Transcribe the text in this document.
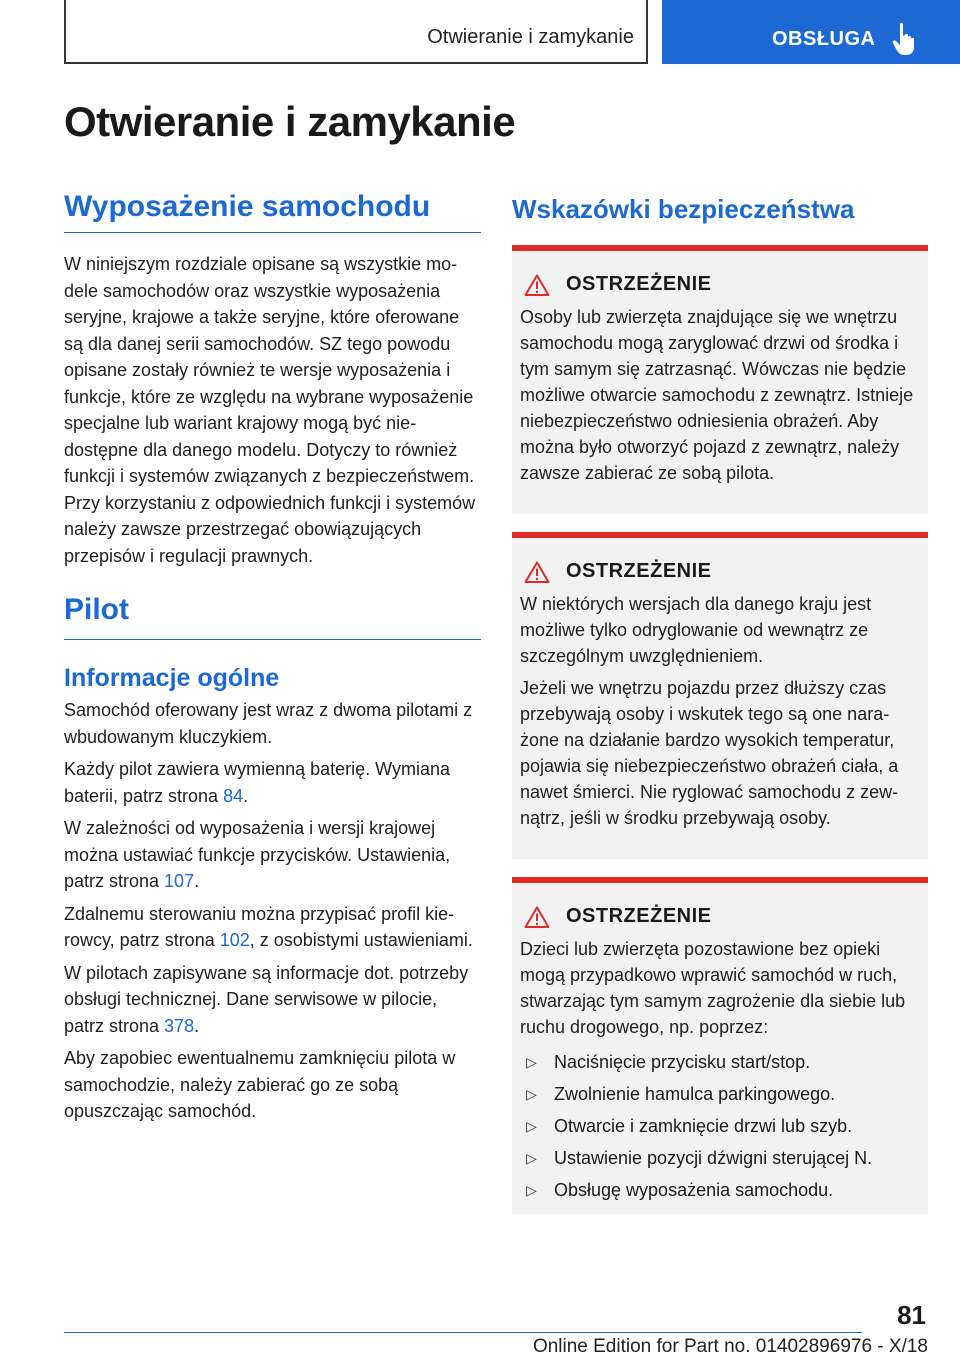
Otwieranie i zamykanie	OBSŁUGA
Otwieranie i zamykanie
Wyposażenie samochodu

W niniejszym rozdziale opisane są wszystkie modele samochodów oraz wszystkie wyposażenia seryjne, krajowe a także seryjne, które oferowane są dla danej serii samochodów. SZ tego powodu opisane zostały również te wersje wyposażenia i funkcje, które ze względu na wybrane wyposażenie specjalne lub wariant krajowy mogą być niedostępne dla danego modelu. Dotyczy to również funkcji i systemów związanych z bezpieczeństwem. Przy korzystaniu z odpowiednich funkcji i systemów należy zawsze przestrzegać obowiązujących przepisów i regulacji prawnych.

Pilot
Informacje ogólne

Samochód oferowany jest wraz z dwoma pilotami z wbudowanym kluczykiem.

Każdy pilot zawiera wymienną baterię. Wymiana baterii, patrz strona 84.

W zależności od wyposażenia i wersji krajowej można ustawiać funkcje przycisków. Ustawienia, patrz strona 107.

Zdalnemu sterowaniu można przypisać profil kierowcy, patrz strona 102, z osobistymi ustawieniami.

W pilotach zapisywane są informacje dot. potrzeby obsługi technicznej. Dane serwisowe w pilocie, patrz strona 378.

Aby zapobiec ewentualnemu zamknięciu pilota w samochodzie, należy zabierać go ze sobą opuszczając samochód.

Wskazówki bezpieczeństwa
OSTRZEŻENIE

Osoby lub zwierzęta znajdujące się we wnętrzu samochodu mogą zaryglować drzwi od środka i tym samym się zatrzasnąć. Wówczas nie będzie możliwe otwarcie samochodu z zewnątrz. Istnieje niebezpieczeństwo odniesienia obrażeń. Aby można było otworzyć pojazd z zewnątrz, należy zawsze zabierać ze sobą pilota.

OSTRZEŻENIE

W niektórych wersjach dla danego kraju jest możliwe tylko odryglowanie od wewnątrz ze szczególnym uwzględnieniem.

Jeżeli we wnętrzu pojazdu przez dłuższy czas przebywają osoby i wskutek tego są one narażone na działanie bardzo wysokich temperatur, pojawia się niebezpieczeństwo obrażeń ciała, a nawet śmierci. Nie ryglować samochodu z zewnątrz, jeśli w środku przebywają osoby.

OSTRZEŻENIE

Dzieci lub zwierzęta pozostawione bez opieki mogą przypadkowo wprawić samochód w ruch, stwarzając tym samym zagrożenie dla siebie lub ruchu drogowego, np. poprzez:

▷ Naciśnięcie przycisku start/stop.
▷ Zwolnienie hamulca parkingowego.
▷ Otwarcie i zamknięcie drzwi lub szyb.
▷ Ustawienie pozycji dźwigni sterującej N.
▷ Obsługę wyposażenia samochodu.
81
Online Edition for Part no. 01402896976 - X/18
